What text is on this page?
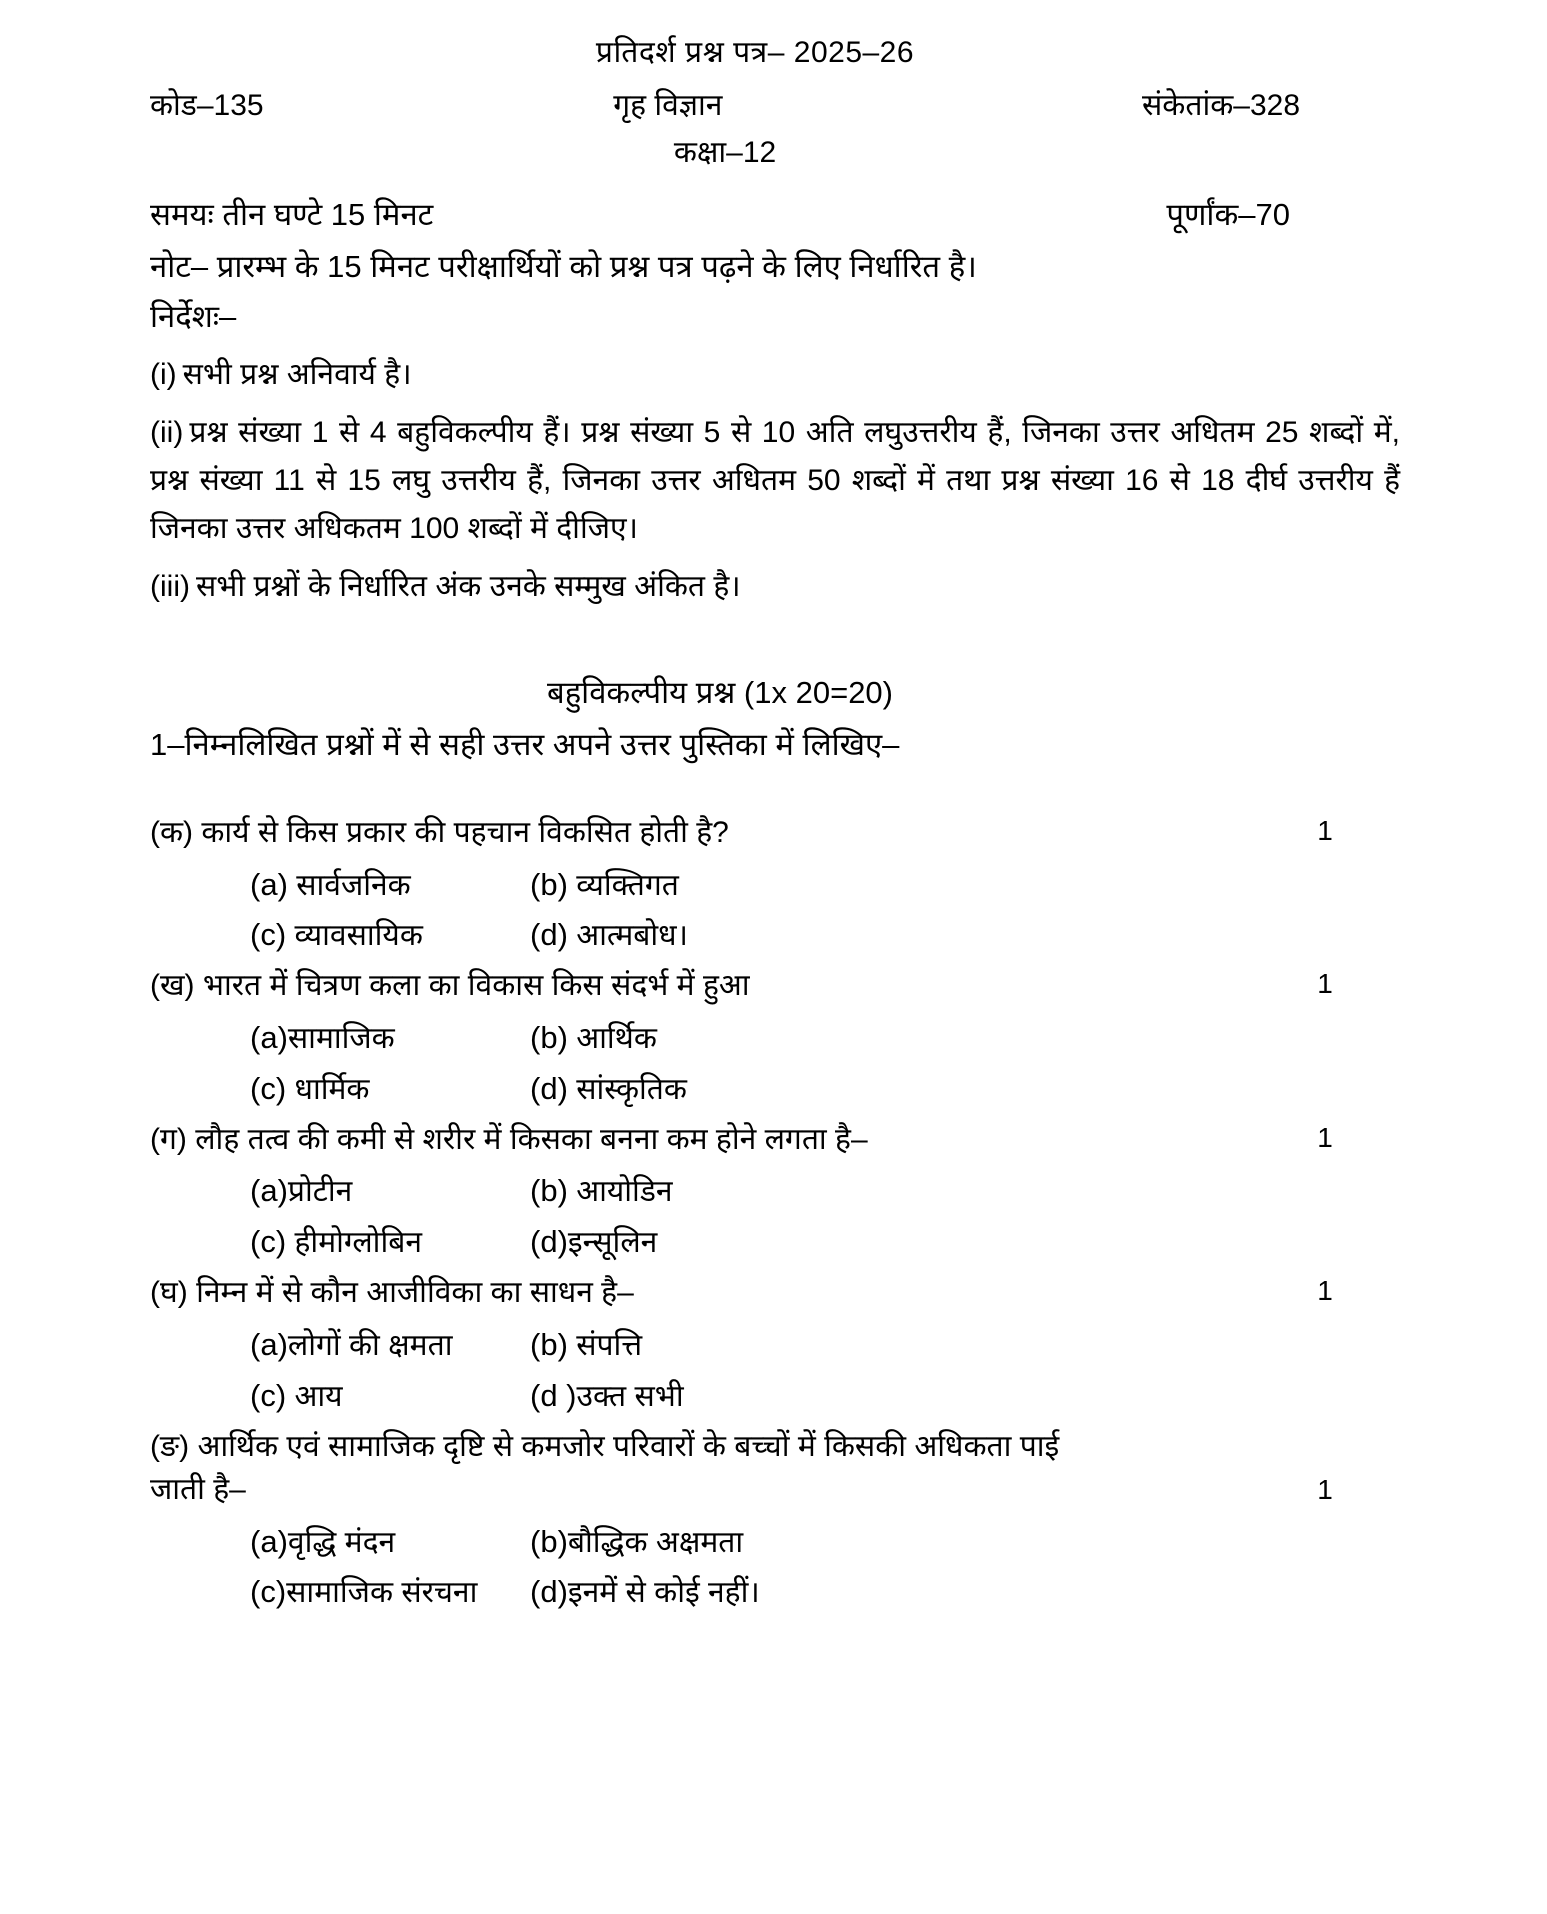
प्रतिदर्श प्रश्न पत्र– 2025–26
कोड–135	गृह विज्ञान	संकेतांक–328
कक्षा–12
समयः तीन घण्टे 15 मिनट	पूर्णांक–70
नोट– प्रारम्भ के 15 मिनट परीक्षार्थियों को प्रश्न पत्र पढ़ने के लिए निर्धारित है।
निर्देशः–
(i) सभी प्रश्न अनिवार्य है।
(ii) प्रश्न संख्या 1 से 4 बहुविकल्पीय हैं। प्रश्न संख्या 5 से 10 अति लघुउत्तरीय हैं, जिनका उत्तर अधितम 25 शब्दों में, प्रश्न संख्या 11 से 15 लघु उत्तरीय हैं, जिनका उत्तर अधितम 50 शब्दों में तथा प्रश्न संख्या 16 से 18 दीर्घ उत्तरीय हैं जिनका उत्तर अधिकतम 100 शब्दों में दीजिए।
(iii) सभी प्रश्नों के निर्धारित अंक उनके सम्मुख अंकित है।
बहुविकल्पीय प्रश्न (1x 20=20)
1–निम्नलिखित प्रश्नों में से सही उत्तर अपने उत्तर पुस्तिका में लिखिए–
(क) कार्य से किस प्रकार की पहचान विकसित होती है?	1
(a) सार्वजनिक	(b) व्यक्तिगत
(c) व्यावसायिक	(d) आत्मबोध।
(ख) भारत में चित्रण कला का विकास किस संदर्भ में हुआ	1
(a)सामाजिक	(b) आर्थिक
(c) धार्मिक	(d) सांस्कृतिक
(ग) लौह तत्व की कमी से शरीर में किसका बनना कम होने लगता है–	1
(a)प्रोटीन	(b) आयोडिन
(c) हीमोग्लोबिन	(d)इन्सूलिन
(घ) निम्न में से कौन आजीविका का साधन है–	1
(a)लोगों की क्षमता	(b) संपत्ति
(c) आय	(d )उक्त सभी
(ङ) आर्थिक एवं सामाजिक दृष्टि से कमजोर परिवारों के बच्चों में किसकी अधिकता पाई
जाती है–	1
(a)वृद्धि मंदन	(b)बौद्धिक अक्षमता
(c)सामाजिक संरचना	(d)इनमें से कोई नहीं।
